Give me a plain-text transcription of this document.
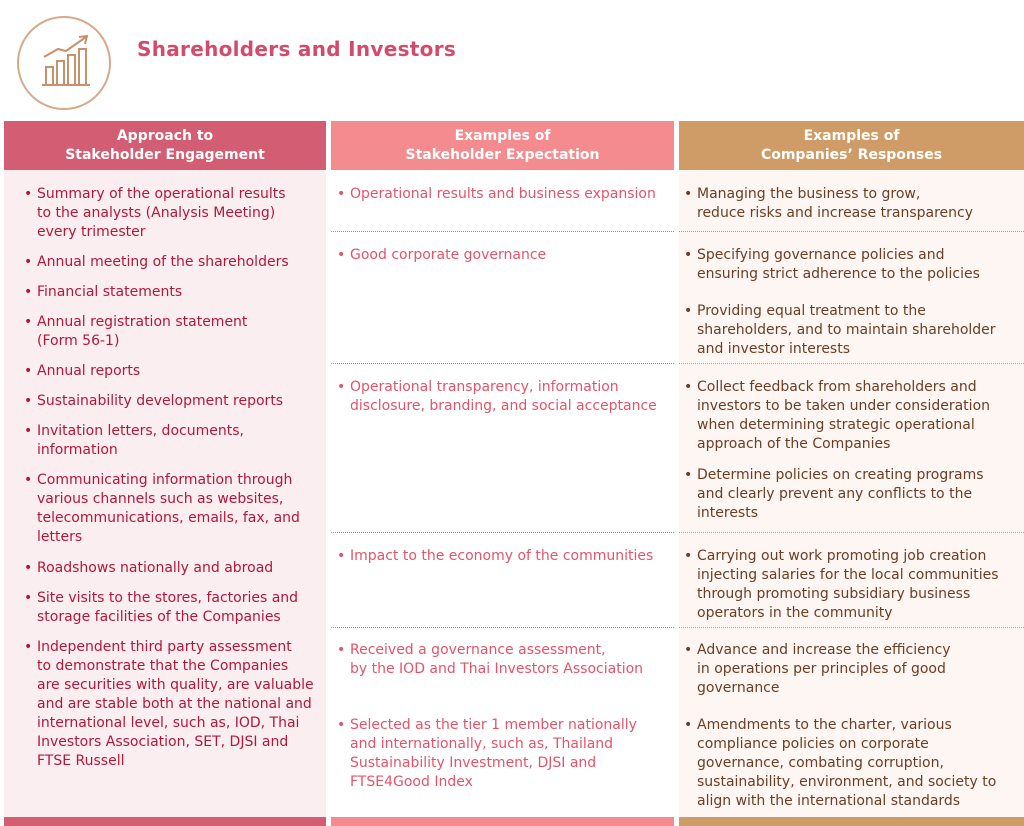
Shareholders and Investors
Approach to
Stakeholder Engagement
Examples of
Stakeholder Expectation
Examples of
Companies’ Responses
• Summary of the operational results
to the analysts (Analysis Meeting)
every trimester
• Annual meeting of the shareholders
• Financial statements
• Annual registration statement
(Form 56-1)
• Annual reports
• Sustainability development reports
• Invitation letters, documents,
information
• Communicating information through
various channels such as websites,
telecommunications, emails, fax, and
letters
• Roadshows nationally and abroad
• Site visits to the stores, factories and
storage facilities of the Companies
• Independent third party assessment
to demonstrate that the Companies
are securities with quality, are valuable
and are stable both at the national and
international level, such as, IOD, Thai
Investors Association, SET, DJSI and
FTSE Russell
• Operational results and business expansion
• Good corporate governance
• Operational transparency, information
disclosure, branding, and social acceptance
• Impact to the economy of the communities
• Received a governance assessment,
by the IOD and Thai Investors Association
• Selected as the tier 1 member nationally
and internationally, such as, Thailand
Sustainability Investment, DJSI and
FTSE4Good Index
• Managing the business to grow,
reduce risks and increase transparency
• Specifying governance policies and
ensuring strict adherence to the policies
• Providing equal treatment to the
shareholders, and to maintain shareholder
and investor interests
• Collect feedback from shareholders and
investors to be taken under consideration
when determining strategic operational
approach of the Companies
• Determine policies on creating programs
and clearly prevent any conflicts to the
interests
• Carrying out work promoting job creation
injecting salaries for the local communities
through promoting subsidiary business
operators in the community
• Advance and increase the efficiency
in operations per principles of good
governance
• Amendments to the charter, various
compliance policies on corporate
governance, combating corruption,
sustainability, environment, and society to
align with the international standards
